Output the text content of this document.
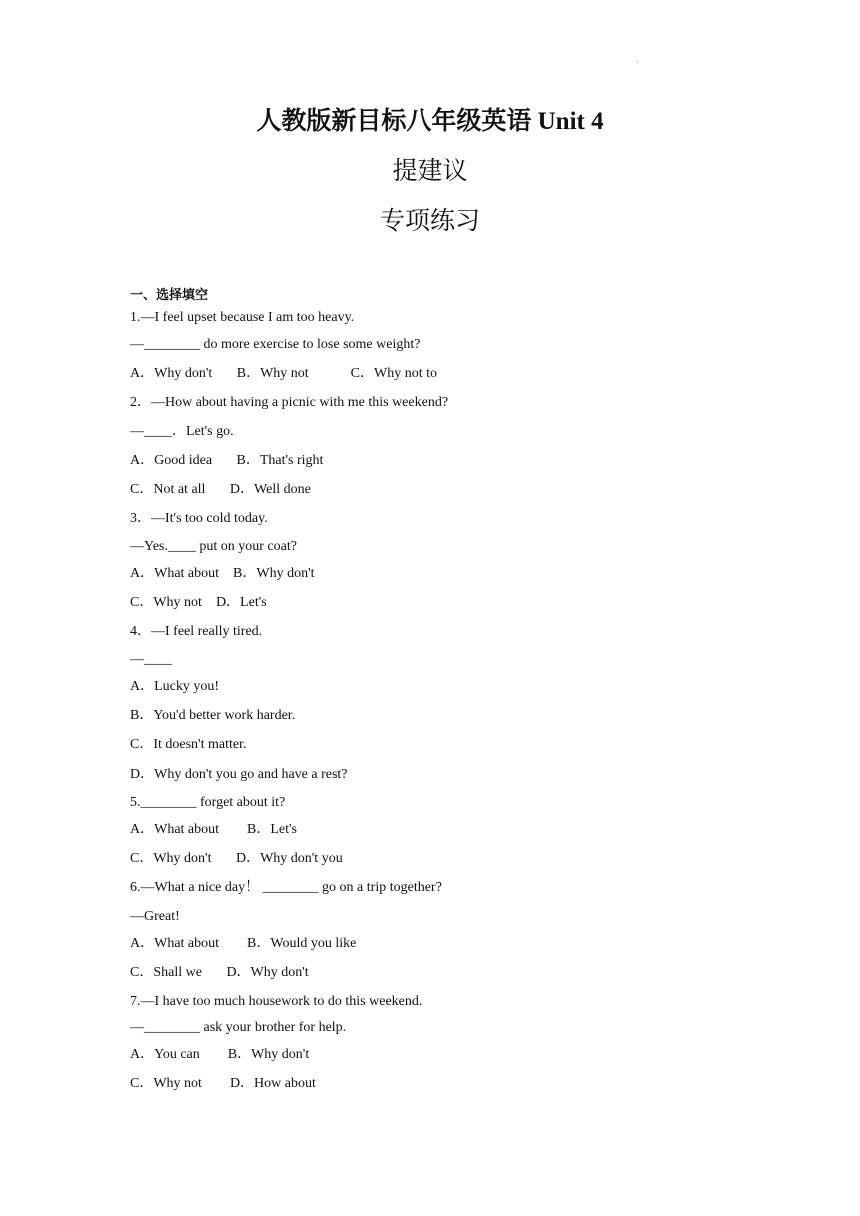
·
人教版新目标八年级英语 Unit 4
提建议
专项练习
一、选择填空

1.—I feel upset because I am too heavy.

—________ do more exercise to lose some weight?

A．Why don't       B．Why not            C．Why not to

2．—How about having a picnic with me this weekend?

—____．Let's go.

A．Good idea       B．That's right

C．Not at all       D．Well done

3．—It's too cold today.

—Yes.____ put on your coat?

A．What about    B．Why don't

C．Why not    D．Let's

4．—I feel really tired.

—____

A．Lucky you!

B．You'd better work harder.

C．It doesn't matter.

D．Why don't you go and have a rest?

5.________ forget about it?

A．What about        B．Let's

C．Why don't       D．Why don't you

6.—What a nice day！ ________ go on a trip together?

—Great!

A．What about        B．Would you like

C．Shall we       D．Why don't

7.—I have too much housework to do this weekend.

—________ ask your brother for help.

A．You can        B．Why don't

C．Why not        D．How about
